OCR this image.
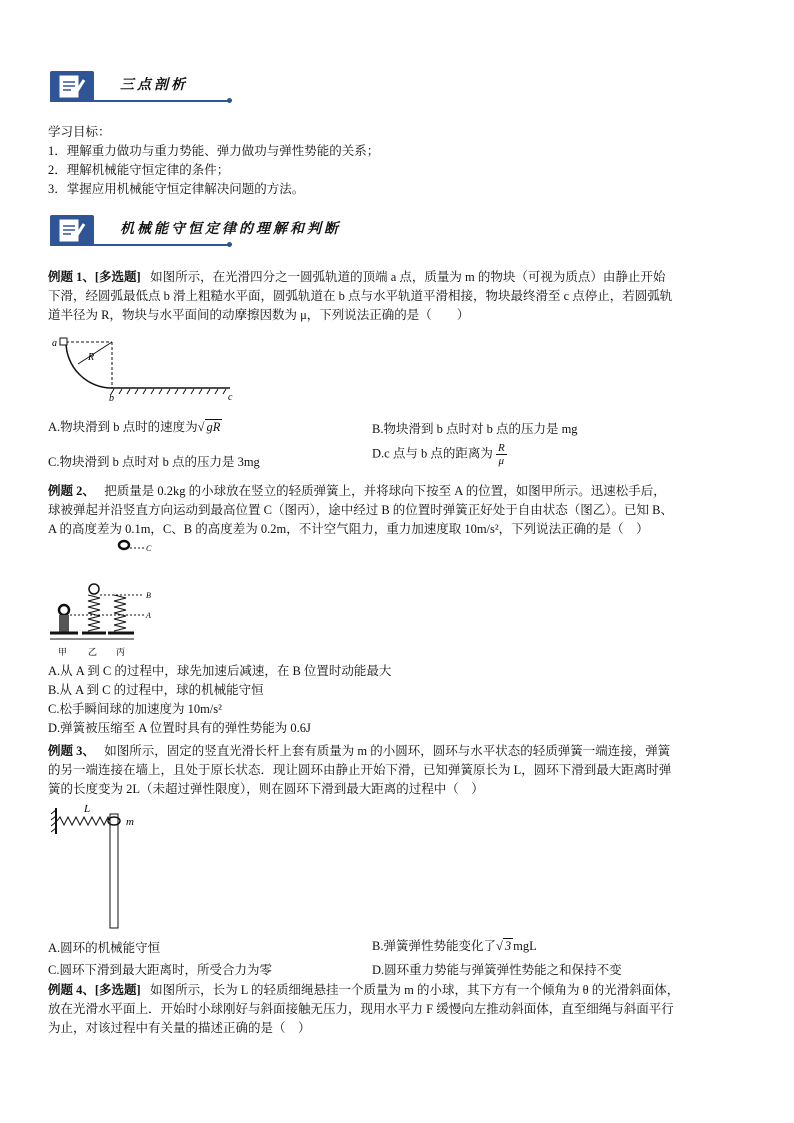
三点剖析
学习目标：
1．理解重力做功与重力势能、弹力做功与弹性势能的关系；
2．理解机械能守恒定律的条件；
3．掌握应用机械能守恒定律解决问题的方法。
机械能守恒定律的理解和判断
例题 1、[多选题] 如图所示，在光滑四分之一圆弧轨道的顶端 a 点，质量为 m 的物块（可视为质点）由静止开始
下滑，经圆弧最低点 b 滑上粗糙水平面，圆弧轨道在 b 点与水平轨道平滑相接，物块最终滑至 c 点停止，若圆弧轨
道半径为 R，物块与水平面间的动摩擦因数为 μ，下列说法正确的是（　　）
a
R
b	c
A.物块滑到 b 点时的速度为√ gR	B.物块滑到 b 点时对 b 点的压力是 mg
C.物块滑到 b 点时对 b 点的压力是 3mg
D.c 点与 b 点的距离为 $\frac{R}{\mu}$
例题 2、 把质量是 0.2kg 的小球放在竖立的轻质弹簧上，并将球向下按至 A 的位置，如图甲所示。迅速松手后，
球被弹起并沿竖直方向运动到最高位置 C（图丙），途中经过 B 的位置时弹簧正好处于自由状态（图乙）。已知 B、
A 的高度差为 0.1m，C、B 的高度差为 0.2m，不计空气阻力，重力加速度取 10m/s²，下列说法正确的是（　）
C
B
A
甲 乙 丙
A.从 A 到 C 的过程中，球先加速后减速，在 B 位置时动能最大
B.从 A 到 C 的过程中，球的机械能守恒
C.松手瞬间球的加速度为 10m/s²
D.弹簧被压缩至 A 位置时具有的弹性势能为 0.6J
例题 3、 如图所示，固定的竖直光滑长杆上套有质量为 m 的小圆环，圆环与水平状态的轻质弹簧一端连接，弹簧
的另一端连接在墙上，且处于原长状态．现让圆环由静止开始下滑，已知弹簧原长为 L，圆环下滑到最大距离时弹
簧的长度变为 2L（未超过弹性限度），则在圆环下滑到最大距离的过程中（　）
L
m
A.圆环的机械能守恒	B.弹簧弹性势能变化了√ 3 mgL
C.圆环下滑到最大距离时，所受合力为零	D.圆环重力势能与弹簧弹性势能之和保持不变
例题 4、[多选题] 如图所示，长为 L 的轻质细绳悬挂一个质量为 m 的小球，其下方有一个倾角为 θ 的光滑斜面体，
放在光滑水平面上．开始时小球刚好与斜面接触无压力，现用水平力 F 缓慢向左推动斜面体，直至细绳与斜面平行
为止，对该过程中有关量的描述正确的是（　）
